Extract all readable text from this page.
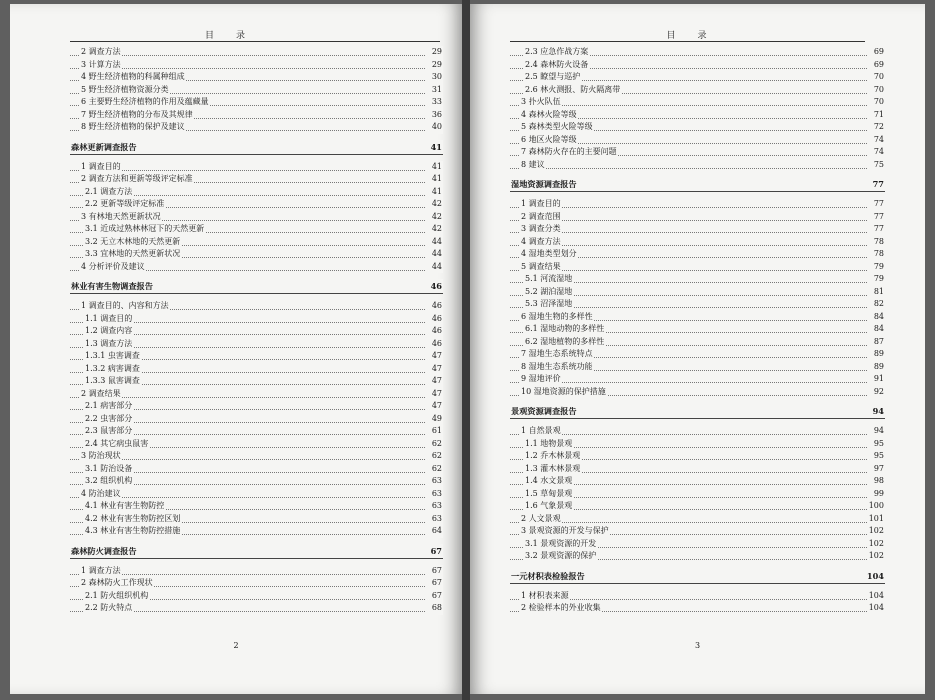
目录
2 调查方法	29
3 计算方法	29
4 野生经济植物的科属种组成	30
5 野生经济植物资源分类	31
6 主要野生经济植物的作用及蕴藏量	33
7 野生经济植物的分布及其规律	36
8 野生经济植物的保护及建议	40
森林更新调查报告	41
1 调查目的	41
2 调查方法和更新等级评定标准	41
2.1 调查方法	41
2.2 更新等级评定标准	42
3 有林地天然更新状况	42
3.1 近成过熟林林冠下的天然更新	42
3.2 无立木林地的天然更新	44
3.3 宜林地的天然更新状况	44
4 分析评价及建议	44
林业有害生物调查报告	46
1 调查目的、内容和方法	46
1.1 调查目的	46
1.2 调查内容	46
1.3 调查方法	46
1.3.1 虫害调查	47
1.3.2 病害调查	47
1.3.3 鼠害调查	47
2 调查结果	47
2.1 病害部分	47
2.2 虫害部分	49
2.3 鼠害部分	61
2.4 其它病虫鼠害	62
3 防治现状	62
3.1 防治设备	62
3.2 组织机构	63
4 防治建议	63
4.1 林业有害生物防控	63
4.2 林业有害生物防控区划	63
4.3 林业有害生物防控措施	64
森林防火调查报告	67
1 调查方法	67
2 森林防火工作现状	67
2.1 防火组织机构	67
2.2 防火特点	68
2
目录
2.3 应急作战方案	69
2.4 森林防火设备	69
2.5 瞭望与巡护	70
2.6 林火测报、防火隔离带	70
3 扑火队伍	70
4 森林火险等级	71
5 森林类型火险等级	72
6 地区火险等级	74
7 森林防火存在的主要问题	74
8 建议	75
湿地资源调查报告	77
1 调查目的	77
2 调查范围	77
3 调查分类	77
4 调查方法	78
4 湿地类型划分	78
5 调查结果	79
5.1 河流湿地	79
5.2 湖泊湿地	81
5.3 沼泽湿地	82
6 湿地生物的多样性	84
6.1 湿地动物的多样性	84
6.2 湿地植物的多样性	87
7 湿地生态系统特点	89
8 湿地生态系统功能	89
9 湿地评价	91
10 湿地资源的保护措施	92
景观资源调查报告	94
1 自然景观	94
1.1 地物景观	95
1.2 乔木林景观	95
1.3 灌木林景观	97
1.4 水文景观	98
1.5 草甸景观	99
1.6 气象景观	100
2 人文景观	101
3 景观资源的开发与保护	102
3.1 景观资源的开发	102
3.2 景观资源的保护	102
一元材积表检验报告	104
1 材积表来源	104
2 检验样本的外业收集	104
3
